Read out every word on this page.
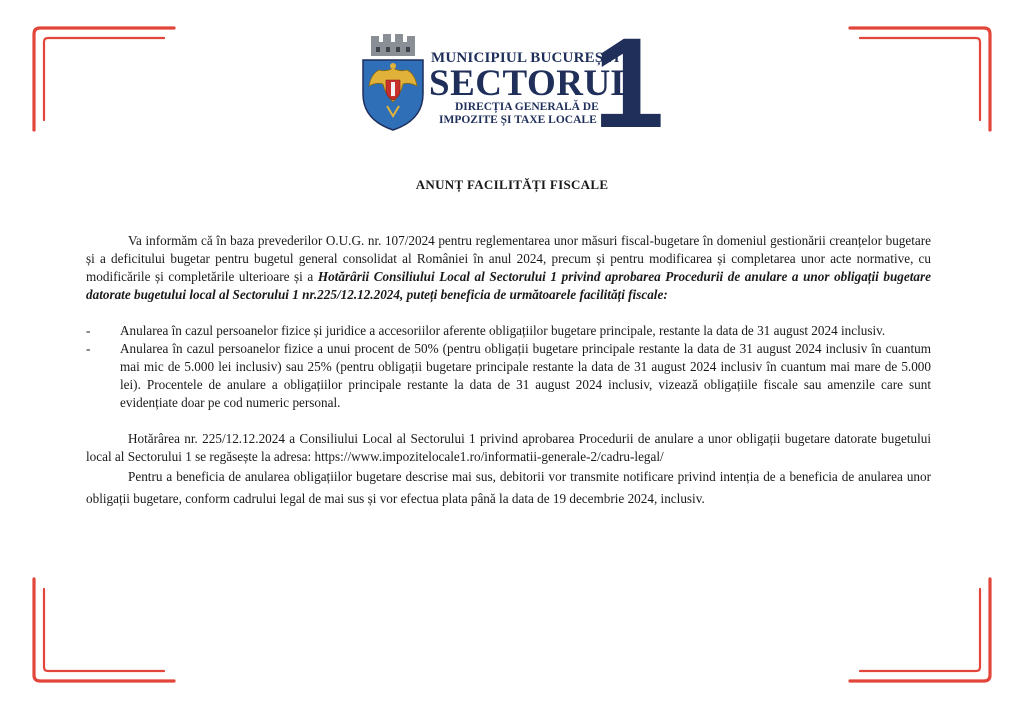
MUNICIPIUL BUCUREȘTI
SECTORUL
DIRECȚIA GENERALĂ DE
IMPOZITE ȘI TAXE LOCALE
1
ANUNȚ FACILITĂȚI FISCALE

Va informăm că în baza prevederilor O.U.G. nr. 107/2024 pentru reglementarea unor măsuri fiscal-bugetare în domeniul gestionării creanțelor bugetare și a deficitului bugetar pentru bugetul general consolidat al României în anul 2024, precum și pentru modificarea și completarea unor acte normative, cu modificările și completările ulterioare și a Hotărârii Consiliului Local al Sectorului 1 privind aprobarea Procedurii de anulare a unor obligații bugetare datorate bugetului local al Sectorului 1 nr.225/12.12.2024, puteți beneficia de următoarele facilități fiscale:

- Anularea în cazul persoanelor fizice și juridice a accesoriilor aferente obligațiilor bugetare principale, restante la data de 31 august 2024 inclusiv.
- Anularea în cazul persoanelor fizice a unui procent de 50% (pentru obligații bugetare principale restante la data de 31 august 2024 inclusiv în cuantum mai mic de 5.000 lei inclusiv) sau 25% (pentru obligații bugetare principale restante la data de 31 august 2024 inclusiv în cuantum mai mare de 5.000 lei). Procentele de anulare a obligațiilor principale restante la data de 31 august 2024 inclusiv, vizează obligațiile fiscale sau amenzile care sunt evidențiate doar pe cod numeric personal.

Hotărârea nr. 225/12.12.2024 a Consiliului Local al Sectorului 1 privind aprobarea Procedurii de anulare a unor obligații bugetare datorate bugetului local al Sectorului 1 se regăsește la adresa: https://www.impozitelocale1.ro/informatii-generale-2/cadru-legal/

Pentru a beneficia de anularea obligațiilor bugetare descrise mai sus, debitorii vor transmite notificare privind intenția de a beneficia de anularea unor obligații bugetare, conform cadrului legal de mai sus și vor efectua plata până la data de 19 decembrie 2024, inclusiv.
